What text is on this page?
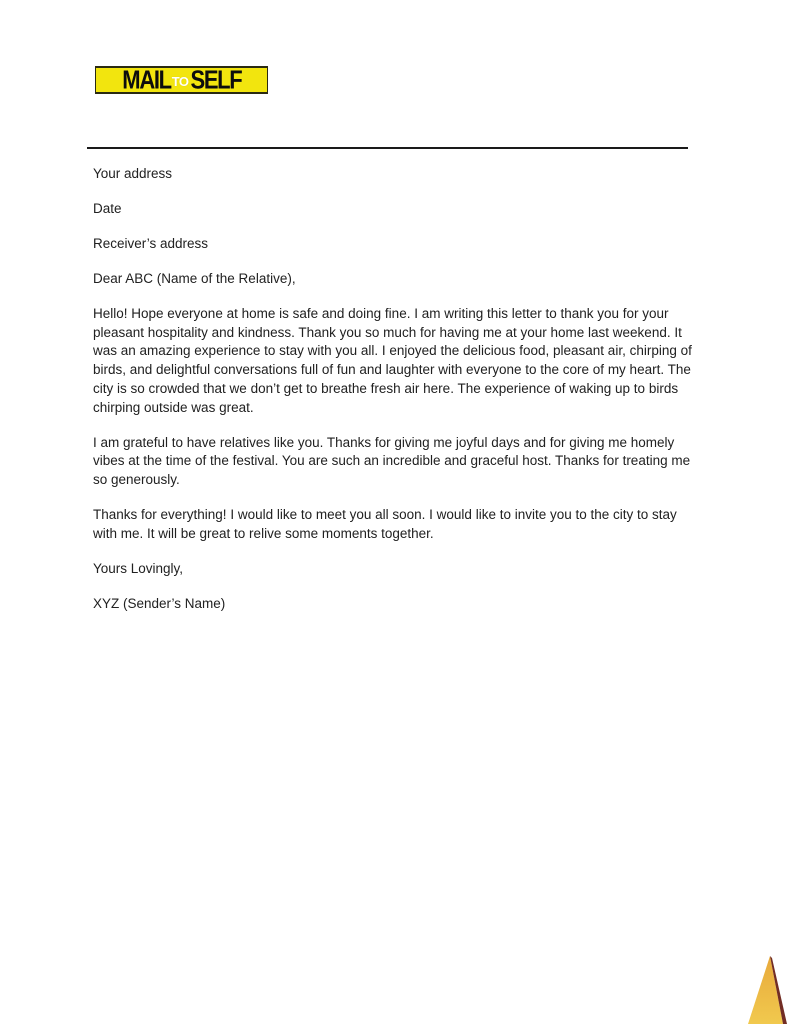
MAIL TO SELF

Your address

Date

Receiver’s address

Dear ABC (Name of the Relative),

Hello! Hope everyone at home is safe and doing fine. I am writing this letter to thank you for your pleasant hospitality and kindness. Thank you so much for having me at your home last weekend. It was an amazing experience to stay with you all. I enjoyed the delicious food, pleasant air, chirping of birds, and delightful conversations full of fun and laughter with everyone to the core of my heart. The city is so crowded that we don’t get to breathe fresh air here. The experience of waking up to birds chirping outside was great.

I am grateful to have relatives like you. Thanks for giving me joyful days and for giving me homely vibes at the time of the festival. You are such an incredible and graceful host. Thanks for treating me so generously.

Thanks for everything! I would like to meet you all soon. I would like to invite you to the city to stay with me. It will be great to relive some moments together.

Yours Lovingly,

XYZ (Sender’s Name)
